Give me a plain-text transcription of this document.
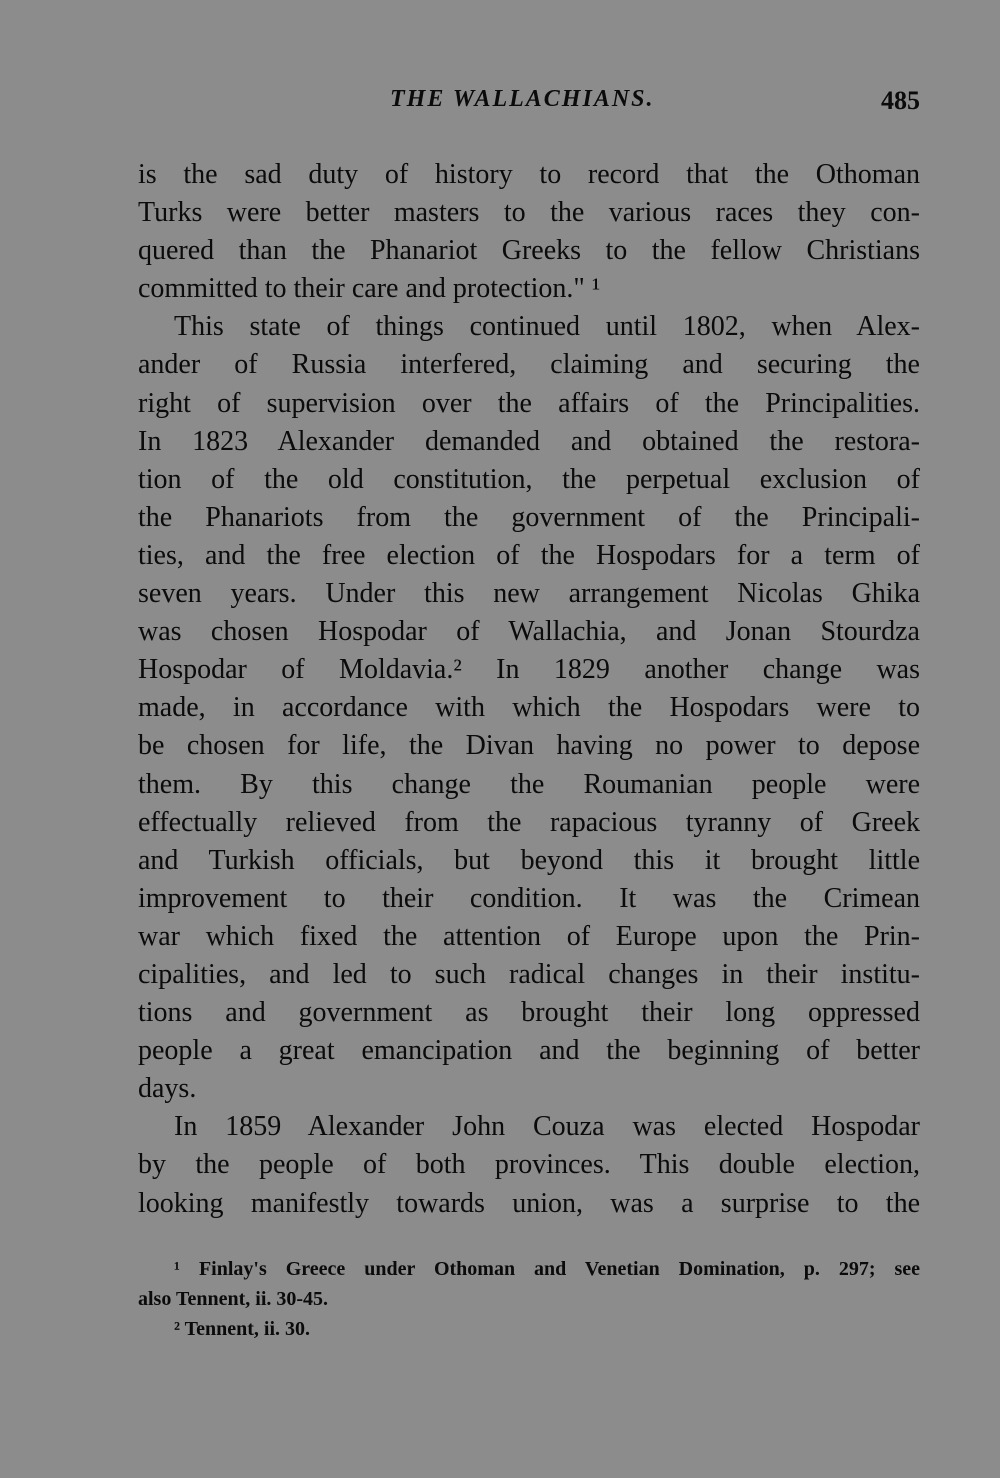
THE WALLACHIANS.	485
is the sad duty of history to record that the Othoman
Turks were better masters to the various races they con-
quered than the Phanariot Greeks to the fellow Christians
committed to their care and protection." ¹
This state of things continued until 1802, when Alex-
ander of Russia interfered, claiming and securing the
right of supervision over the affairs of the Principalities.
In 1823 Alexander demanded and obtained the restora-
tion of the old constitution, the perpetual exclusion of
the Phanariots from the government of the Principali-
ties, and the free election of the Hospodars for a term of
seven years. Under this new arrangement Nicolas Ghika
was chosen Hospodar of Wallachia, and Jonan Stourdza
Hospodar of Moldavia.² In 1829 another change was
made, in accordance with which the Hospodars were to
be chosen for life, the Divan having no power to depose
them. By this change the Roumanian people were
effectually relieved from the rapacious tyranny of Greek
and Turkish officials, but beyond this it brought little
improvement to their condition. It was the Crimean
war which fixed the attention of Europe upon the Prin-
cipalities, and led to such radical changes in their institu-
tions and government as brought their long oppressed
people a great emancipation and the beginning of better
days.
In 1859 Alexander John Couza was elected Hospodar
by the people of both provinces. This double election,
looking manifestly towards union, was a surprise to the
¹ Finlay's Greece under Othoman and Venetian Domination, p. 297; see
also Tennent, ii. 30-45.
² Tennent, ii. 30.
